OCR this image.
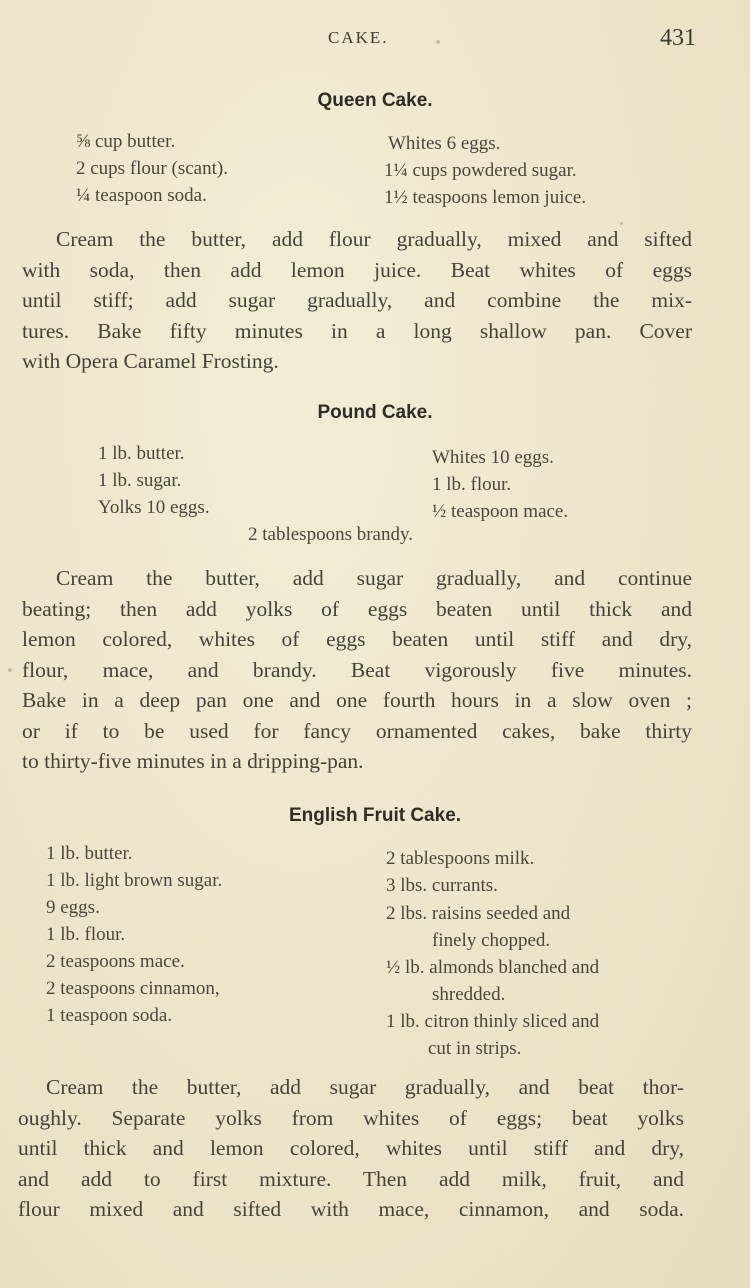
CAKE.	431
Queen Cake.
⅝ cup butter.
2 cups flour (scant).
¼ teaspoon soda.
Whites 6 eggs.
1¼ cups powdered sugar.
1½ teaspoons lemon juice.
Cream the butter, add flour gradually, mixed and sifted
with soda, then add lemon juice. Beat whites of eggs
until stiff; add sugar gradually, and combine the mix-
tures. Bake fifty minutes in a long shallow pan. Cover
with Opera Caramel Frosting.
Pound Cake.
1 lb. butter.
1 lb. sugar.
Yolks 10 eggs.
Whites 10 eggs.
1 lb. flour.
½ teaspoon mace.
2 tablespoons brandy.
Cream the butter, add sugar gradually, and continue
beating; then add yolks of eggs beaten until thick and
lemon colored, whites of eggs beaten until stiff and dry,
flour, mace, and brandy. Beat vigorously five minutes.
Bake in a deep pan one and one fourth hours in a slow oven ;
or if to be used for fancy ornamented cakes, bake thirty
to thirty-five minutes in a dripping-pan.
English Fruit Cake.
1 lb. butter.
1 lb. light brown sugar.
9 eggs.
1 lb. flour.
2 teaspoons mace.
2 teaspoons cinnamon,
1 teaspoon soda.
2 tablespoons milk.
3 lbs. currants.
2 lbs. raisins seeded and
finely chopped.
½ lb. almonds blanched and
shredded.
1 lb. citron thinly sliced and
cut in strips.
Cream the butter, add sugar gradually, and beat thor-
oughly. Separate yolks from whites of eggs; beat yolks
until thick and lemon colored, whites until stiff and dry,
and add to first mixture. Then add milk, fruit, and
flour mixed and sifted with mace, cinnamon, and soda.
